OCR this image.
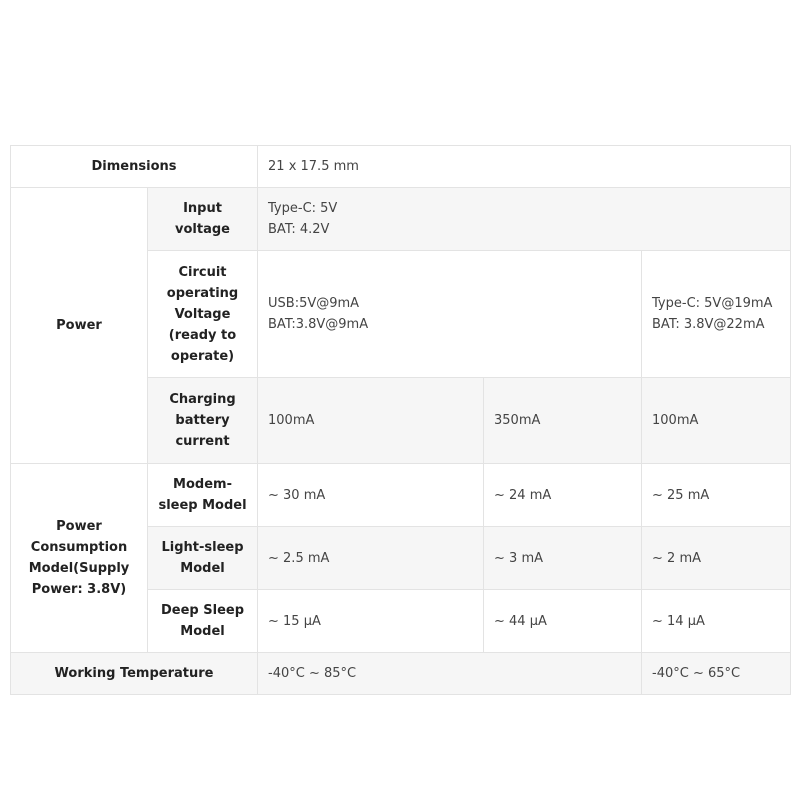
Dimensions		21 x 17.5 mm		
Power	Input voltage	Type-C: 5V
BAT: 4.2V		

	Circuit
operating
Voltage
(ready to
operate)	USB:5V@9mA
BAT:3.8V@9mA		Type-C: 5V@19mA
BAT: 3.8V@22mA

	Charging
battery
current	100mA	350mA	100mA

Power
Consumption
Model(Supply
Power: 3.8V)	Modem-
sleep Model	~ 30 mA	~ 24 mA	~ 25 mA

	Light-sleep
Model	~ 2.5 mA	~ 3 mA	~ 2 mA

	Deep Sleep
Model	~ 15 μA	~ 44 μA	~ 14 μA
Working Temperature		-40°C ~ 85°C		-40°C ~ 65°C
